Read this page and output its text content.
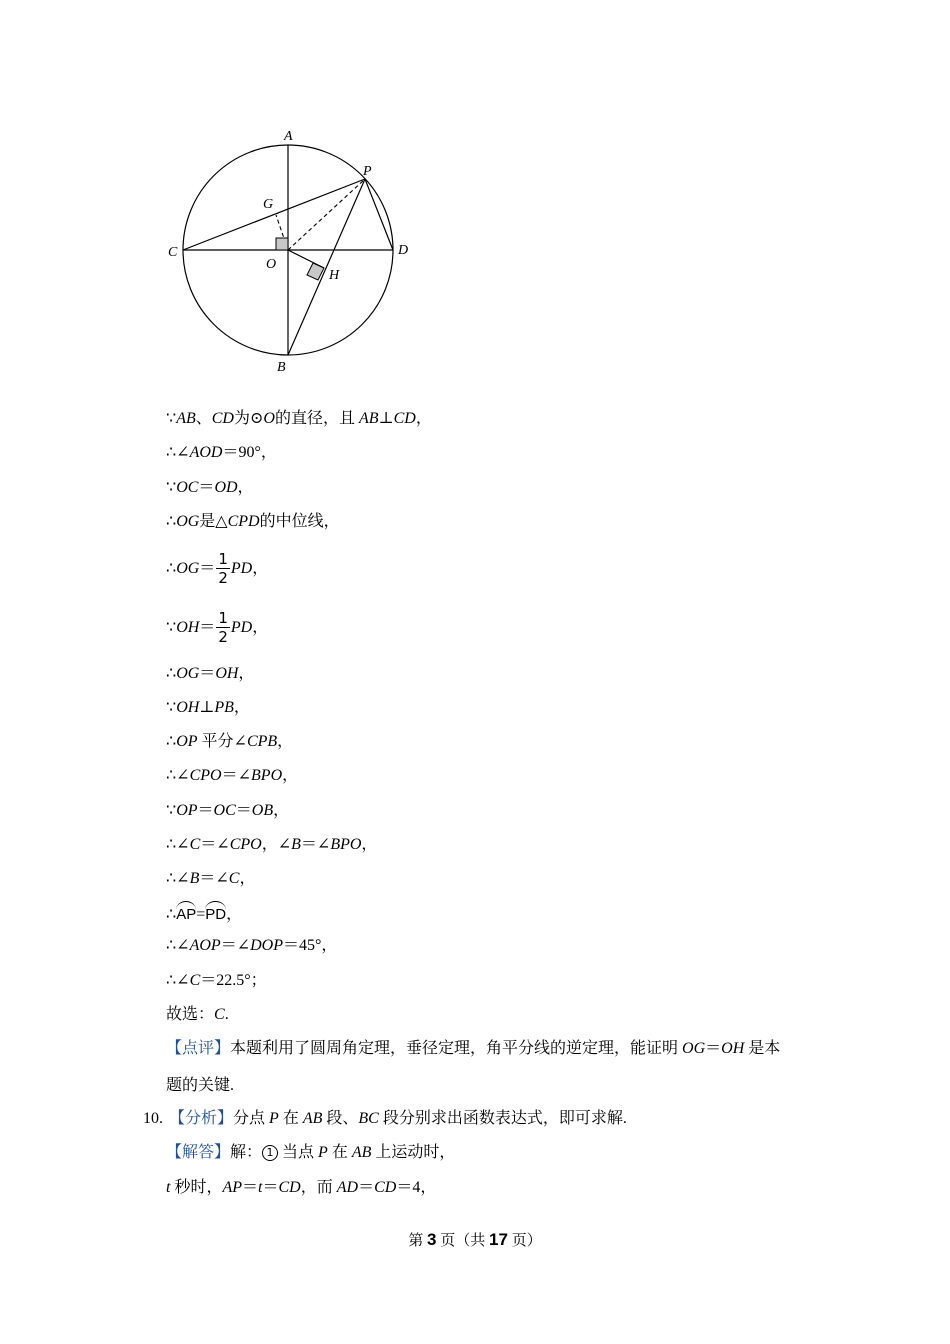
A
B
C	D
P
G
O
H
∵AB、CD为⊙O的直径，且 AB⊥CD，
∴∠AOD＝90°，
∵OC＝OD，
∴OG是△CPD的中位线，
∴OG＝ $\frac{1}{2}$ PD，
∵OH＝ $\frac{1}{2}$ PD，
∴OG＝OH，
∵OH⊥PB，
∴OP 平分∠CPB，
∴∠CPO＝∠BPO，
∵OP＝OC＝OB，
∴∠C＝∠CPO，∠B＝∠BPO，
∴∠B＝∠C，
∴AP=PD，
∴∠AOP＝∠DOP＝45°，
∴∠C＝22.5°；
故选：C.
【点评】本题利用了圆周角定理，垂径定理，角平分线的逆定理，能证明 OG＝OH 是本
题的关键.
10. 【分析】分点 P 在 AB 段、BC 段分别求出函数表达式，即可求解.
【解答】解： 1 当点 P 在 AB 上运动时，
t 秒时，AP＝t＝CD，而 AD＝CD＝4，
第 3 页（共 17 页）
